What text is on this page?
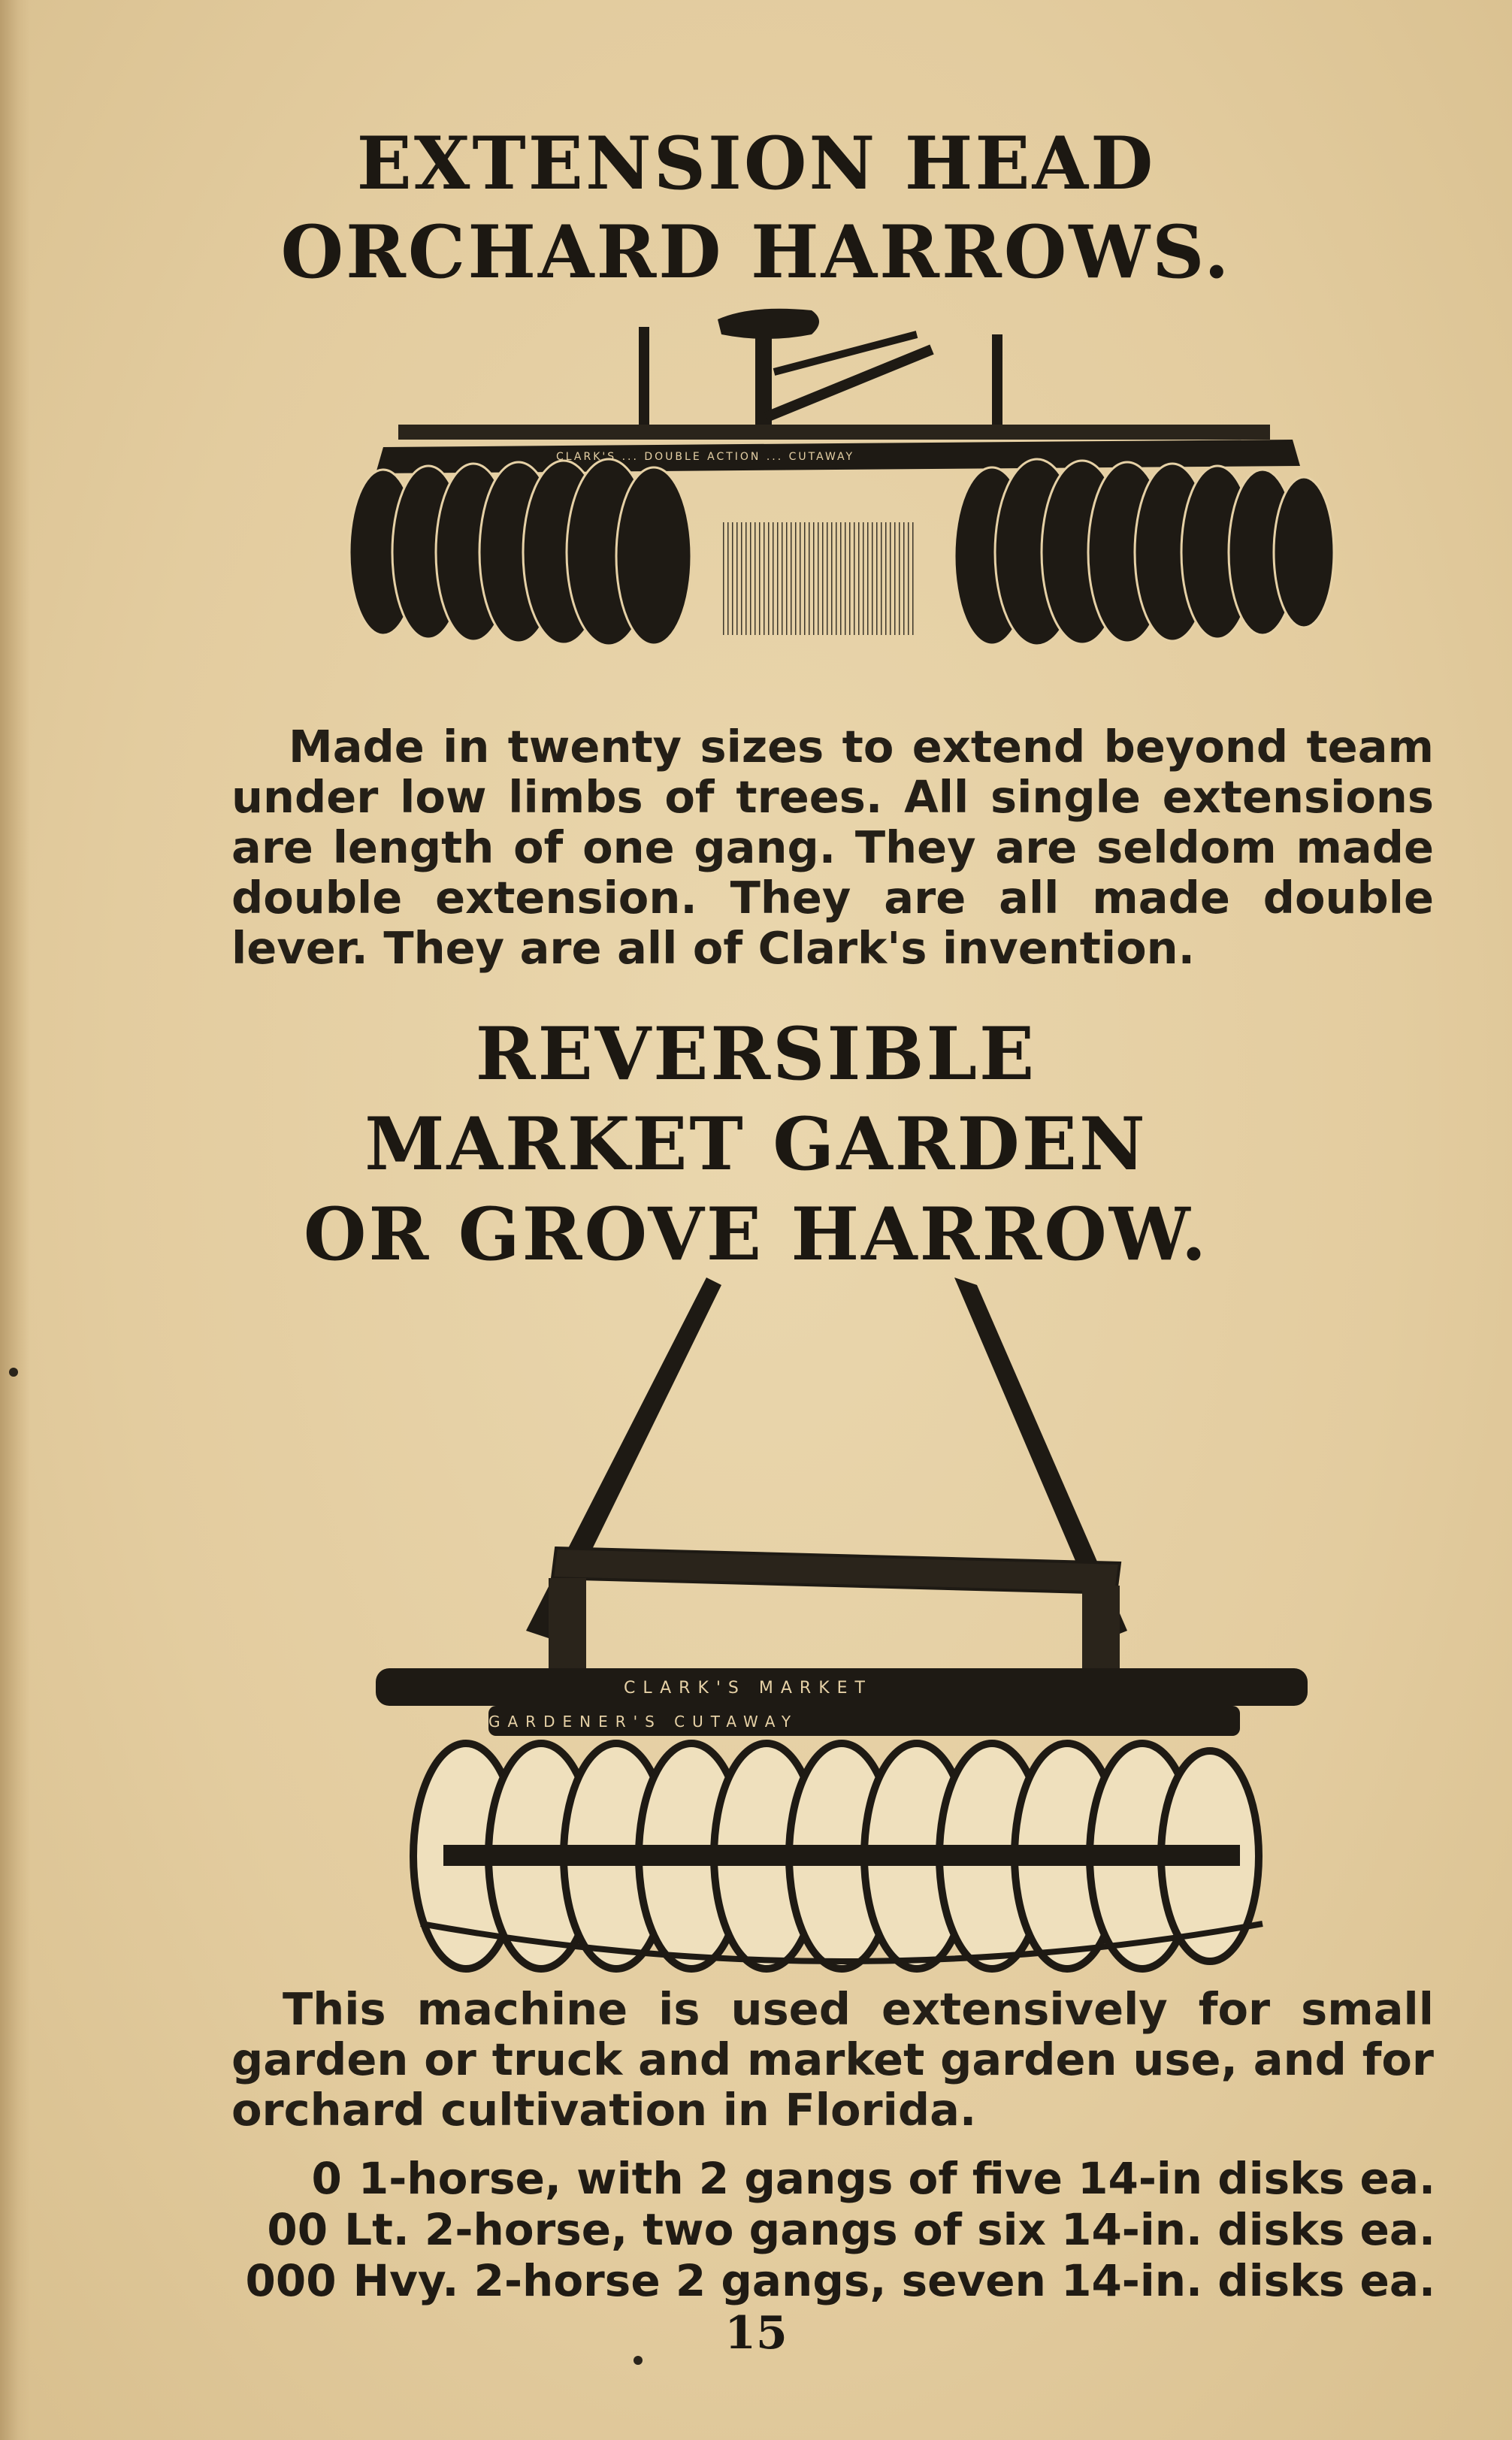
EXTENSION HEAD
ORCHARD HARROWS.
CLARK'S ... DOUBLE ACTION ... CUTAWAY
Made in twenty sizes to extend beyond team under low limbs of trees. All single extensions are length of one gang. They are seldom made double extension. They are all made double lever. They are all of Clark's invention.
REVERSIBLE
MARKET GARDEN
OR GROVE HARROW.
CLARK'S MARKET
GARDENER'S CUTAWAY
This machine is used extensively for small garden or truck and market garden use, and for orchard cultivation in Florida.
0 1-horse, with 2 gangs of five 14-in disks ea.
00 Lt. 2-horse, two gangs of six 14-in. disks ea.
000 Hvy. 2-horse 2 gangs, seven 14-in. disks ea.
15
